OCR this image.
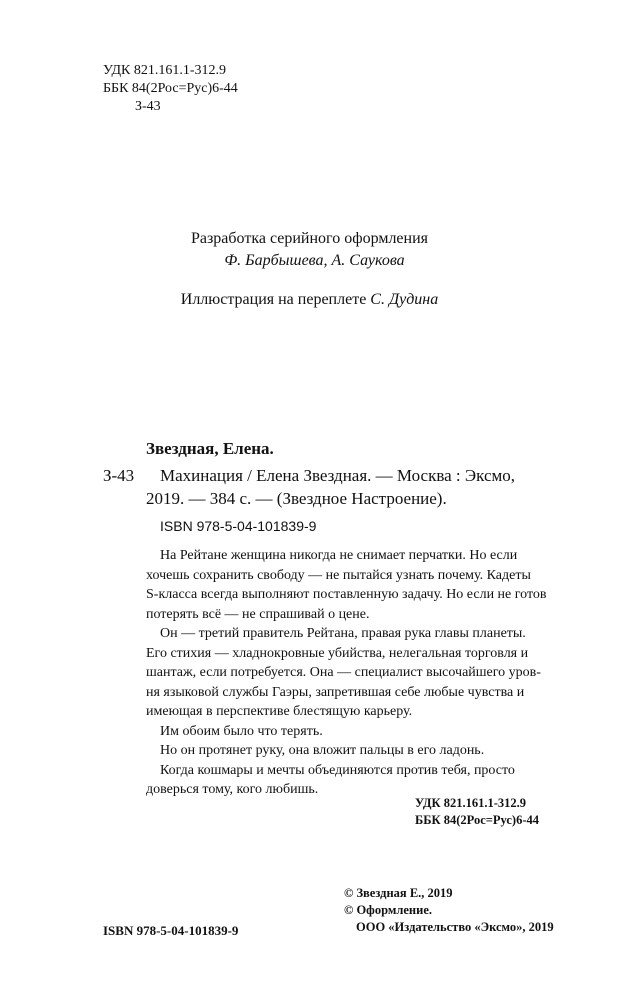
УДК 821.161.1-312.9
ББК 84(2Рос=Рус)6-44
З-43
Разработка серийного оформления
Ф. Барбышева, А. Саукова
Иллюстрация на переплете С. Дудина
Звездная, Елена.
З-43 Махинация / Елена Звездная. — Москва : Эксмо,
2019. — 384 с. — (Звездное Настроение).
ISBN 978-5-04-101839-9

На Рейтане женщина никогда не снимает перчатки. Но если

хочешь сохранить свободу — не пытайся узнать почему. Кадеты

S-класса всегда выполняют поставленную задачу. Но если не готов

потерять всё — не спрашивай о цене.

Он — третий правитель Рейтана, правая рука главы планеты.

Его стихия — хладнокровные убийства, нелегальная торговля и

шантаж, если потребуется. Она — специалист высочайшего уров-

ня языковой службы Гаэры, запретившая себе любые чувства и

имеющая в перспективе блестящую карьеру.

Им обоим было что терять.

Но он протянет руку, она вложит пальцы в его ладонь.

Когда кошмары и мечты объединяются против тебя, просто

доверься тому, кого любишь.

УДК 821.161.1-312.9
ББК 84(2Рос=Рус)6-44
© Звездная Е., 2019
© Оформление.
ООО «Издательство «Эксмо», 2019
ISBN 978-5-04-101839-9
